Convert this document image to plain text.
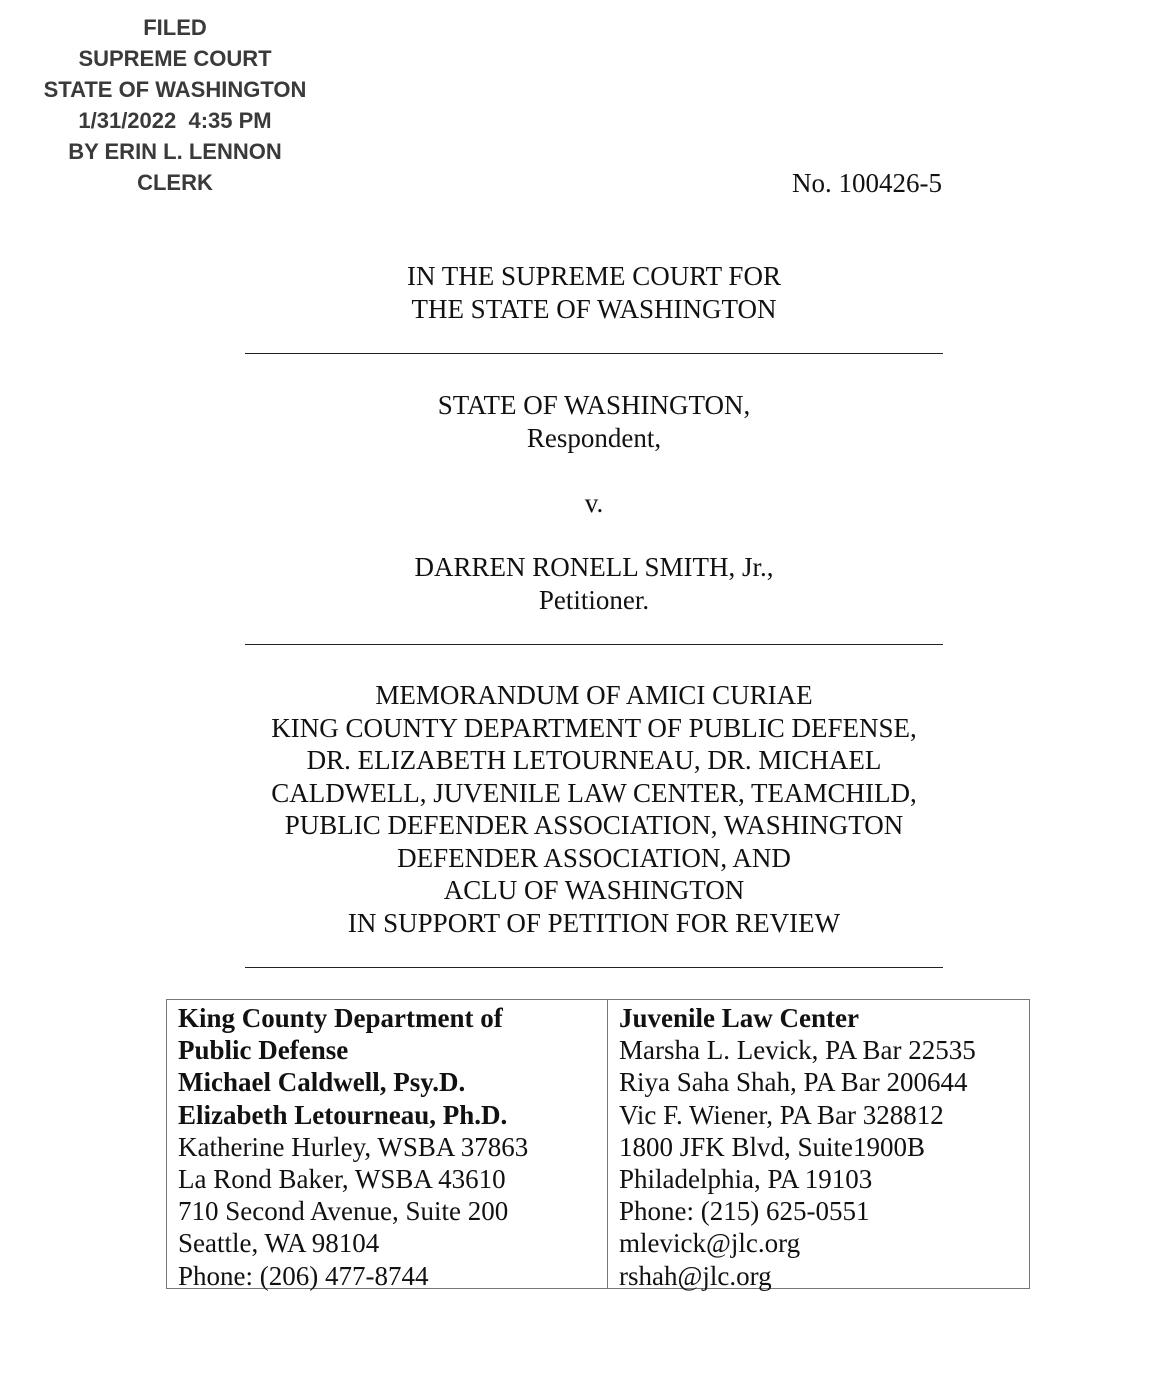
FILED
SUPREME COURT
STATE OF WASHINGTON
1/31/2022  4:35 PM
BY ERIN L. LENNON
CLERK	No. 100426-5
IN THE SUPREME COURT FOR
THE STATE OF WASHINGTON
STATE OF WASHINGTON,
Respondent,
v.
DARREN RONELL SMITH, Jr.,
Petitioner.
MEMORANDUM OF AMICI CURIAE
KING COUNTY DEPARTMENT OF PUBLIC DEFENSE,
DR. ELIZABETH LETOURNEAU, DR. MICHAEL
CALDWELL, JUVENILE LAW CENTER, TEAMCHILD,
PUBLIC DEFENDER ASSOCIATION, WASHINGTON
DEFENDER ASSOCIATION, AND
ACLU OF WASHINGTON
IN SUPPORT OF PETITION FOR REVIEW
King County Department of
Public Defense
Michael Caldwell, Psy.D.
Elizabeth Letourneau, Ph.D.
Katherine Hurley, WSBA 37863
La Rond Baker, WSBA 43610
710 Second Avenue, Suite 200
Seattle, WA 98104
Phone: (206) 477-8744
Juvenile Law Center
Marsha L. Levick, PA Bar 22535
Riya Saha Shah, PA Bar 200644
Vic F. Wiener, PA Bar 328812
1800 JFK Blvd, Suite1900B
Philadelphia, PA 19103
Phone: (215) 625-0551
mlevick@jlc.org
rshah@jlc.org
